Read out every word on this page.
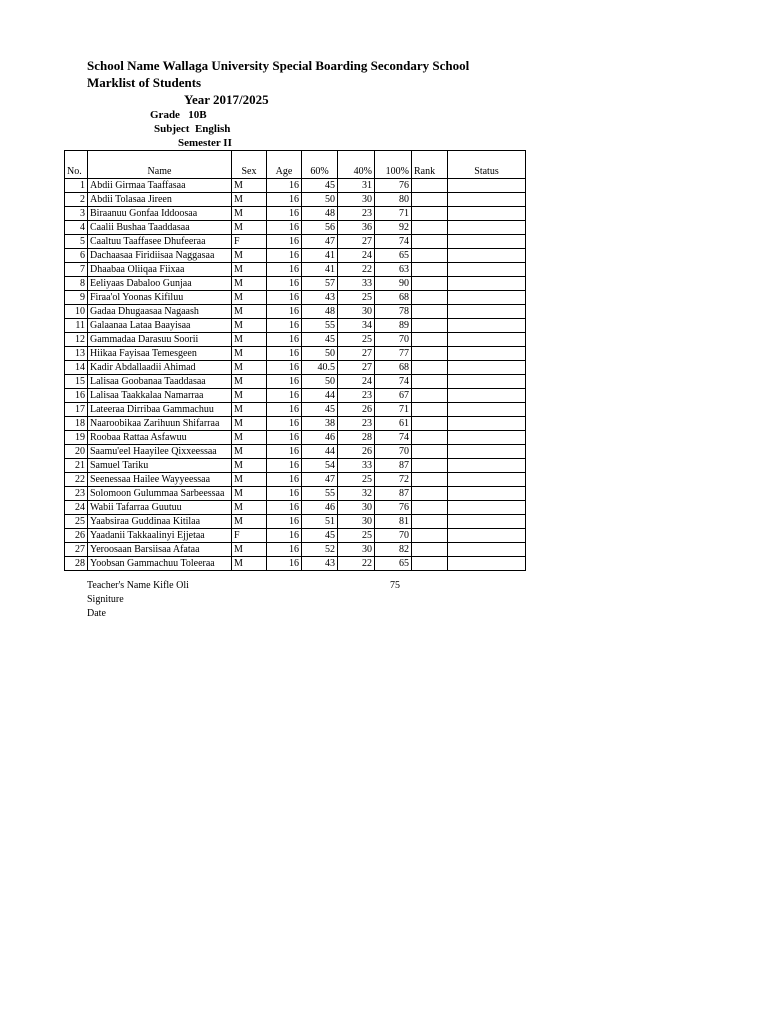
School Name Wallaga University Special Boarding Secondary School
Marklist of Students
Year 2017/2025
Grade   10B
Subject  English
Semester II

No.	Name	Sex	Age	60%	40%	100%	Rank	Status
1	Abdii Girmaa Taaffasaa	M	16	45	31	76		
2	Abdii Tolasaa Jireen	M	16	50	30	80		
3	Biraanuu Gonfaa Iddoosaa	M	16	48	23	71		
4	Caalii Bushaa Taaddasaa	M	16	56	36	92		
5	Caaltuu Taaffasee Dhufeeraa	F	16	47	27	74		
6	Dachaasaa Firidiisaa Naggasaa	M	16	41	24	65		
7	Dhaabaa Oliiqaa Fiixaa	M	16	41	22	63		
8	Eeliyaas Dabaloo Gunjaa	M	16	57	33	90		
9	Firaa'ol Yoonas Kifiluu	M	16	43	25	68		
10	Gadaa Dhugaasaa Nagaash	M	16	48	30	78		
11	Galaanaa Lataa Baayisaa	M	16	55	34	89		
12	Gammadaa Darasuu Soorii	M	16	45	25	70		
13	Hiikaa Fayisaa Temesgeen	M	16	50	27	77		
14	Kadir Abdallaadii Ahimad	M	16	40.5	27	68		
15	Lalisaa Goobanaa Taaddasaa	M	16	50	24	74		
16	Lalisaa Taakkalaa Namarraa	M	16	44	23	67		
17	Lateeraa Dirribaa Gammachuu	M	16	45	26	71		
18	Naaroobikaa Zarihuun Shifarraa	M	16	38	23	61		
19	Roobaa Rattaa Asfawuu	M	16	46	28	74		
20	Saamu'eel Haayilee Qixxeessaa	M	16	44	26	70		
21	Samuel Tariku	M	16	54	33	87		
22	Seenessaa Hailee Wayyeessaa	M	16	47	25	72		
23	Solomoon Gulummaa Sarbeessaa	M	16	55	32	87		
24	Wabii Tafarraa Guutuu	M	16	46	30	76		
25	Yaabsiraa Guddinaa Kitilaa	M	16	51	30	81		
26	Yaadanii Takkaalinyi Ejjetaa	F	16	45	25	70		
27	Yeroosaan Barsiisaa Afataa	M	16	52	30	82		
28	Yoobsan Gammachuu Toleeraa	M	16	43	22	65		
Teacher's Name Kifle Oli
Signiture
Date
75
